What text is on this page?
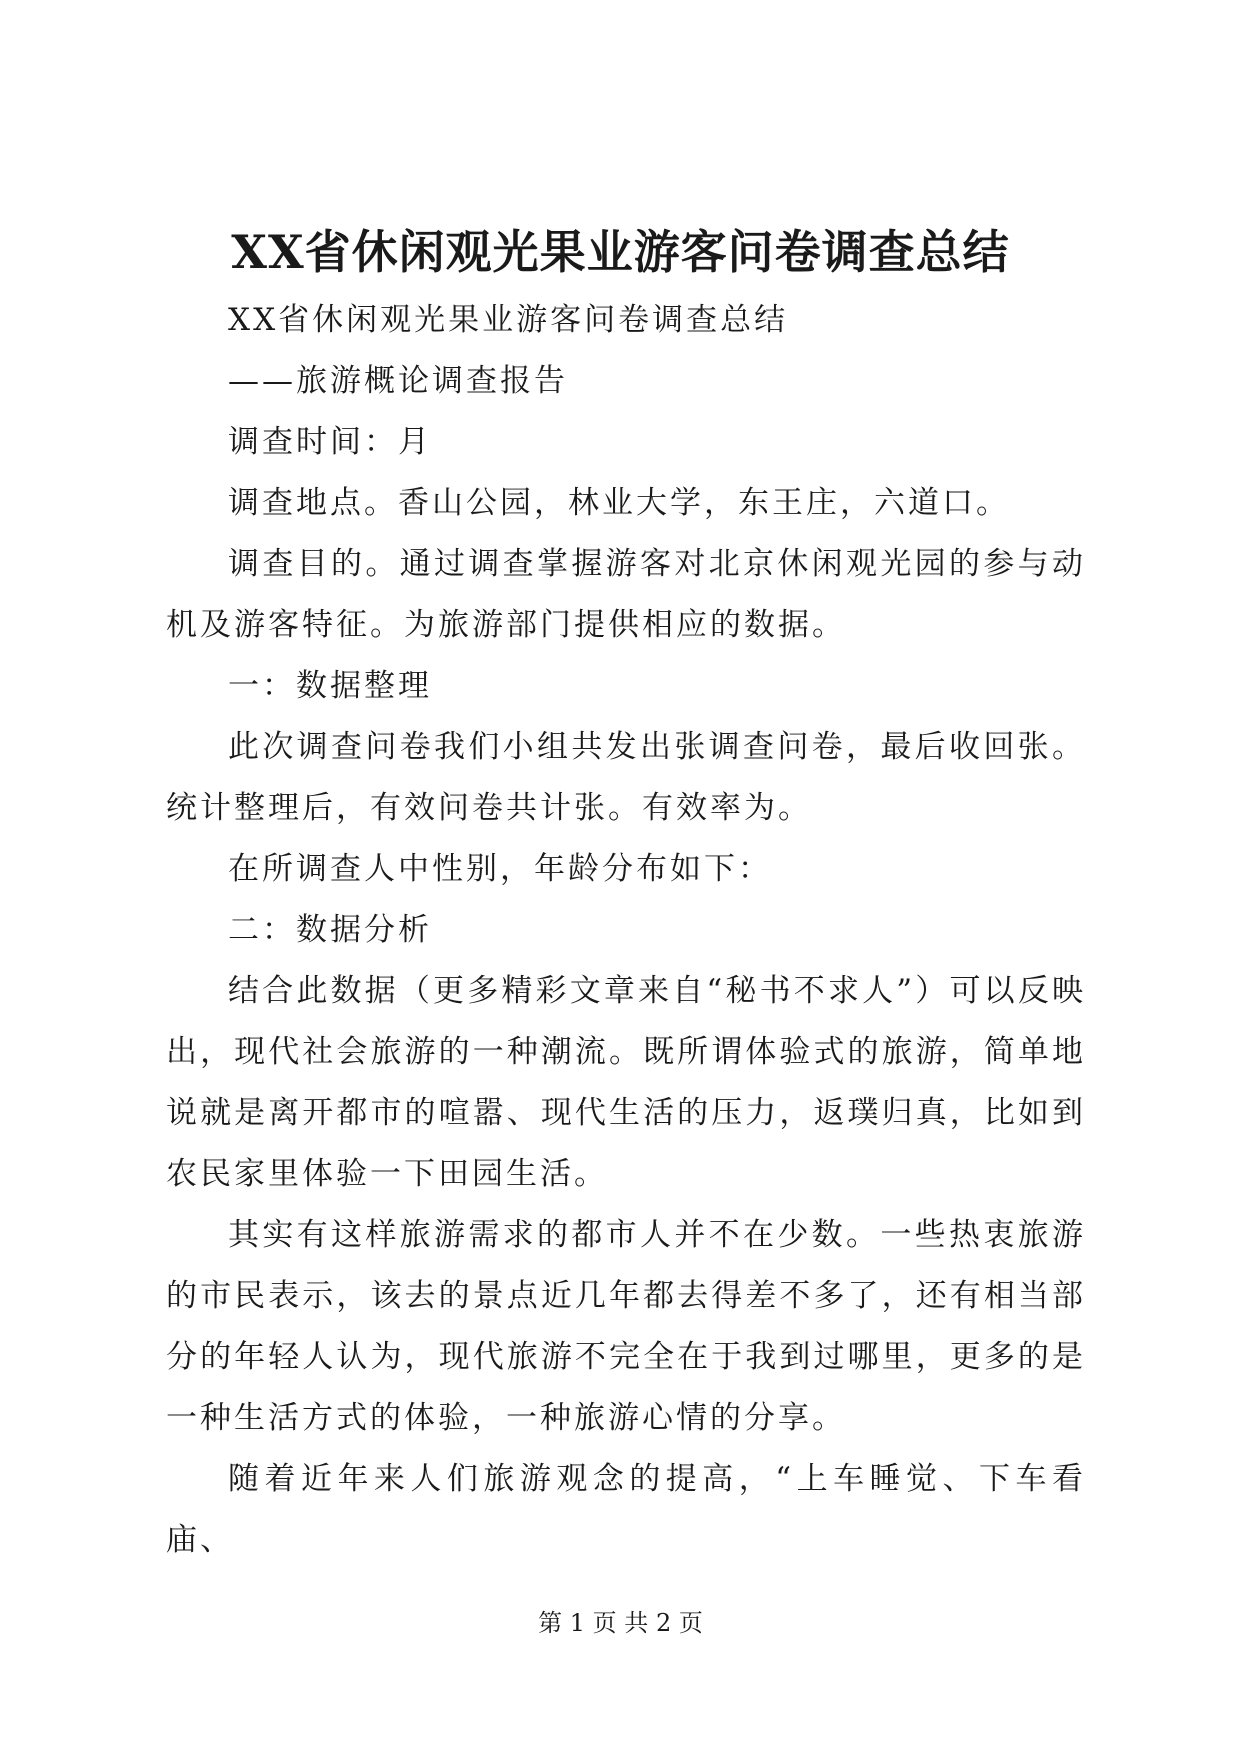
XX省休闲观光果业游客问卷调查总结

XX省休闲观光果业游客问卷调查总结

——旅游概论调查报告

调查时间：月

调查地点。香山公园，林业大学，东王庄，六道口。

调查目的。通过调查掌握游客对北京休闲观光园的参与动机及游客特征。为旅游部门提供相应的数据。

一：数据整理

此次调查问卷我们小组共发出张调查问卷，最后收回张。统计整理后，有效问卷共计张。有效率为。

在所调查人中性别，年龄分布如下：

二：数据分析

结合此数据（更多精彩文章来自“秘书不求人”）可以反映出，现代社会旅游的一种潮流。既所谓体验式的旅游，简单地说就是离开都市的喧嚣、现代生活的压力，返璞归真，比如到农民家里体验一下田园生活。

其实有这样旅游需求的都市人并不在少数。一些热衷旅游的市民表示，该去的景点近几年都去得差不多了，还有相当部分的年轻人认为，现代旅游不完全在于我到过哪里，更多的是一种生活方式的体验，一种旅游心情的分享。

随着近年来人们旅游观念的提高，“上车睡觉、下车看庙、

第 1 页 共 2 页
